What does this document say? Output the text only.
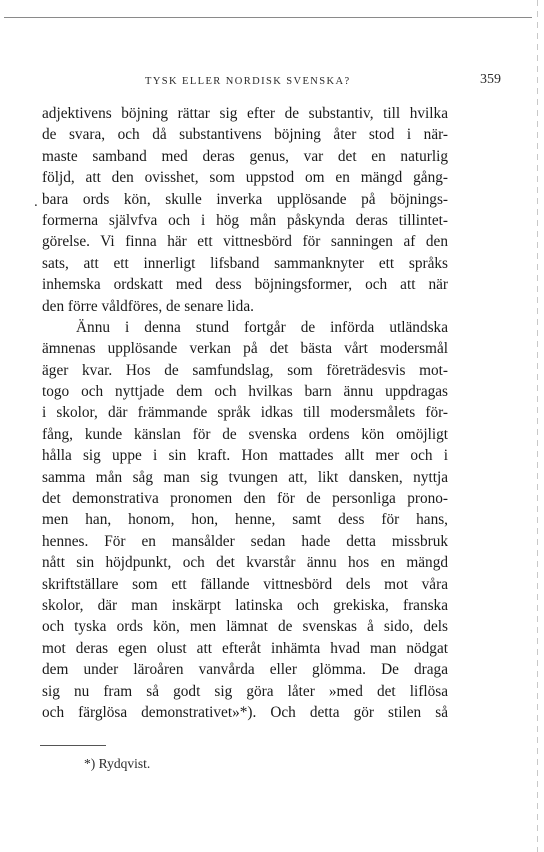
TYSK ELLER NORDISK SVENSKA?	359
.
adjektivens böjning rättar sig efter de substantiv, till hvilka
de svara, och då substantivens böjning åter stod i när-
maste samband med deras genus, var det en naturlig
följd, att den ovisshet, som uppstod om en mängd gång-
bara ords kön, skulle inverka upplösande på böjnings-
formerna självfva och i hög mån påskynda deras tillintet-
görelse. Vi finna här ett vittnesbörd för sanningen af den
sats, att ett innerligt lifsband sammanknyter ett språks
inhemska ordskatt med dess böjningsformer, och att när
den förre våldföres, de senare lida.
Ännu i denna stund fortgår de införda utländska
ämnenas upplösande verkan på det bästa vårt modersmål
äger kvar. Hos de samfundslag, som företrädesvis mot-
togo och nyttjade dem och hvilkas barn ännu uppdragas
i skolor, där främmande språk idkas till modersmålets för-
fång, kunde känslan för de svenska ordens kön omöjligt
hålla sig uppe i sin kraft. Hon mattades allt mer och i
samma mån såg man sig tvungen att, likt dansken, nyttja
det demonstrativa pronomen den för de personliga prono-
men han, honom, hon, henne, samt dess för hans,
hennes. För en mansålder sedan hade detta missbruk
nått sin höjdpunkt, och det kvarstår ännu hos en mängd
skriftställare som ett fällande vittnesbörd dels mot våra
skolor, där man inskärpt latinska och grekiska, franska
och tyska ords kön, men lämnat de svenskas å sido, dels
mot deras egen olust att efteråt inhämta hvad man nödgat
dem under läroåren vanvårda eller glömma. De draga
sig nu fram så godt sig göra låter »med det liflösa
och färglösa demonstrativet»*). Och detta gör stilen så
*) Rydqvist.
